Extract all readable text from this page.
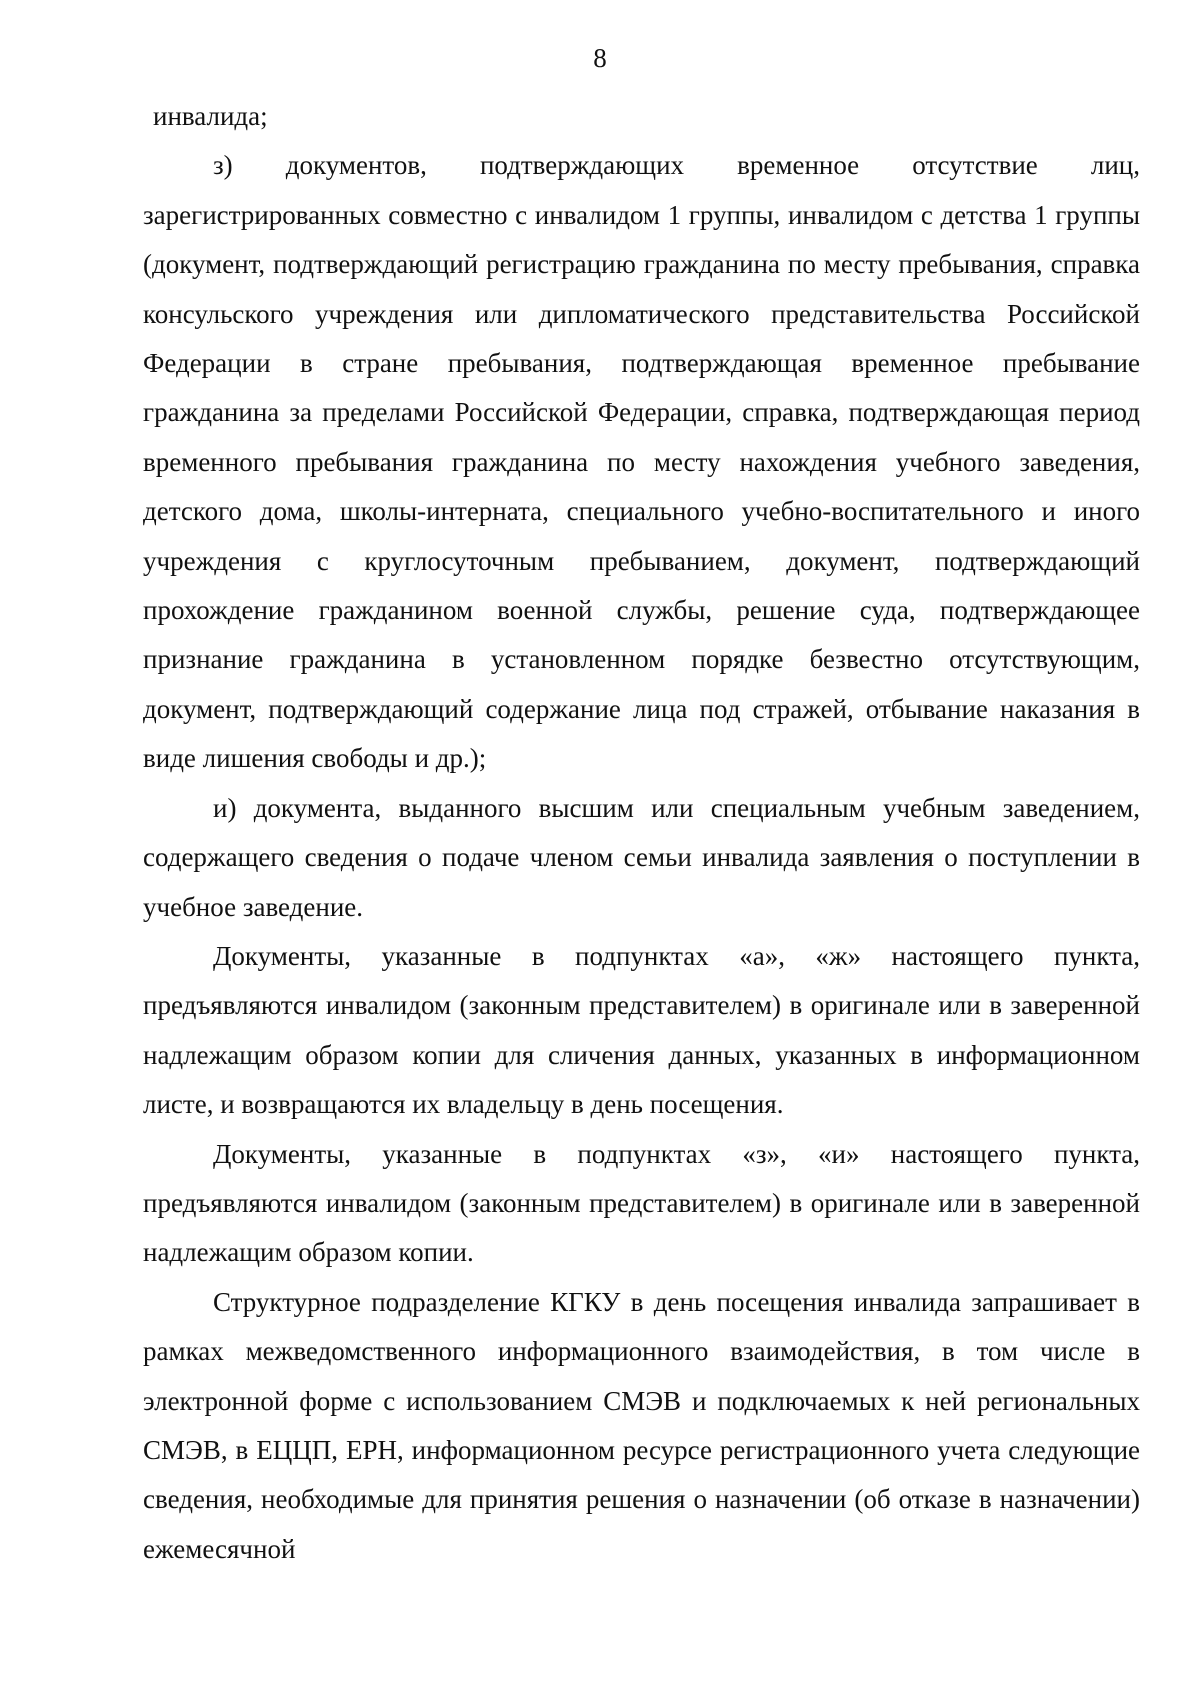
8

инвалида;

з) документов, подтверждающих временное отсутствие лиц, зарегистрированных совместно с инвалидом 1 группы, инвалидом с детства 1 группы (документ, подтверждающий регистрацию гражданина по месту пребывания, справка консульского учреждения или дипломатического представительства Российской Федерации в стране пребывания, подтверждающая временное пребывание гражданина за пределами Российской Федерации, справка, подтверждающая период временного пребывания гражданина по месту нахождения учебного заведения, детского дома, школы-интерната, специального учебно-воспитательного и иного учреждения с круглосуточным пребыванием, документ, подтверждающий прохождение гражданином военной службы, решение суда, подтверждающее признание гражданина в установленном порядке безвестно отсутствующим, документ, подтверждающий содержание лица под стражей, отбывание наказания в виде лишения свободы и др.);

и) документа, выданного высшим или специальным учебным заведением, содержащего сведения о подаче членом семьи инвалида заявления о поступлении в учебное заведение.

Документы, указанные в подпунктах «а», «ж» настоящего пункта, предъявляются инвалидом (законным представителем) в оригинале или в заверенной надлежащим образом копии для сличения данных, указанных в информационном листе, и возвращаются их владельцу в день посещения.

Документы, указанные в подпунктах «з», «и» настоящего пункта, предъявляются инвалидом (законным представителем) в оригинале или в заверенной надлежащим образом копии.

Структурное подразделение КГКУ в день посещения инвалида запрашивает в рамках межведомственного информационного взаимодействия, в том числе в электронной форме с использованием СМЭВ и подключаемых к ней региональных СМЭВ, в ЕЦЦП, ЕРН, информационном ресурсе регистрационного учета следующие сведения, необходимые для принятия решения о назначении (об отказе в назначении) ежемесячной
